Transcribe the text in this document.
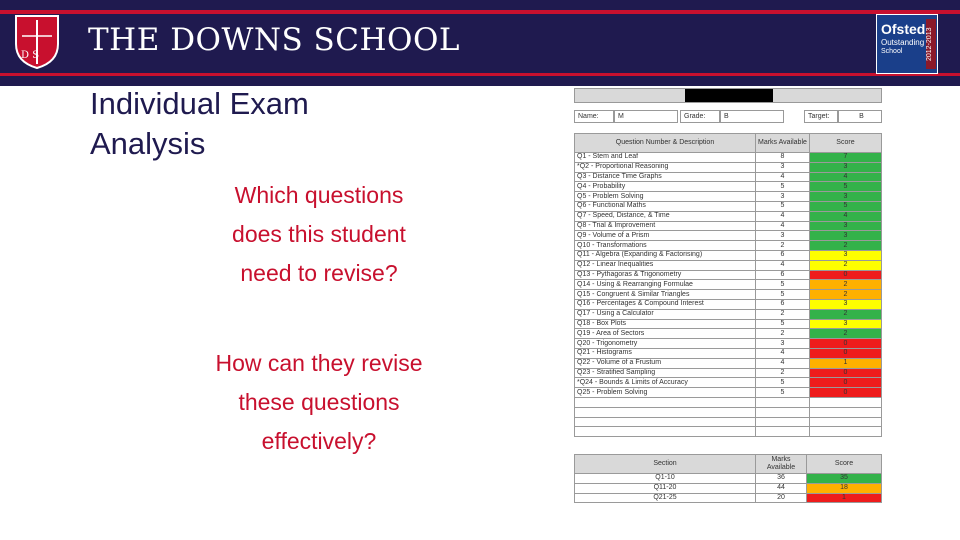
D S THE DOWNS SCHOOL	Ofsted
Outstanding
School	2012-2013
Individual Exam
Analysis
Which questions
does this student
need to revise?
How can they revise
these questions
effectively?
Name:	M	Grade:	B	Target:	B
Question Number & Description	Marks Available	Score
Q1 - Stem and Leaf	8	7
*Q2 - Proportional Reasoning	3	3
Q3 - Distance Time Graphs	4	4
Q4 - Probability	5	5
Q5 - Problem Solving	3	3
Q6 - Functional Maths	5	5
Q7 - Speed, Distance, & Time	4	4
Q8 - Trial & Improvement	4	3
Q9 - Volume of a Prism	3	3
Q10 - Transformations	2	2
Q11 - Algebra (Expanding & Factorising)	6	3
Q12 - Linear Inequalities	4	2
Q13 - Pythagoras & Trigonometry	6	0
Q14 - Using & Rearranging Formulae	5	2
Q15 - Congruent & Similar Triangles	5	2
Q16 - Percentages & Compound Interest	6	3
Q17 - Using a Calculator	2	2
Q18 - Box Plots	5	3
Q19 - Area of Sectors	2	2
Q20 - Trigonometry	3	0
Q21 - Histograms	4	0
Q22 - Volume of a Frustum	4	1
Q23 - Stratified Sampling	2	0
*Q24 - Bounds & Limits of Accuracy	5	0
Q25 - Problem Solving	5	0

Section	Marks Available	Score
Q1-10	36	35
Q11-20	44	18
Q21-25	20	1
